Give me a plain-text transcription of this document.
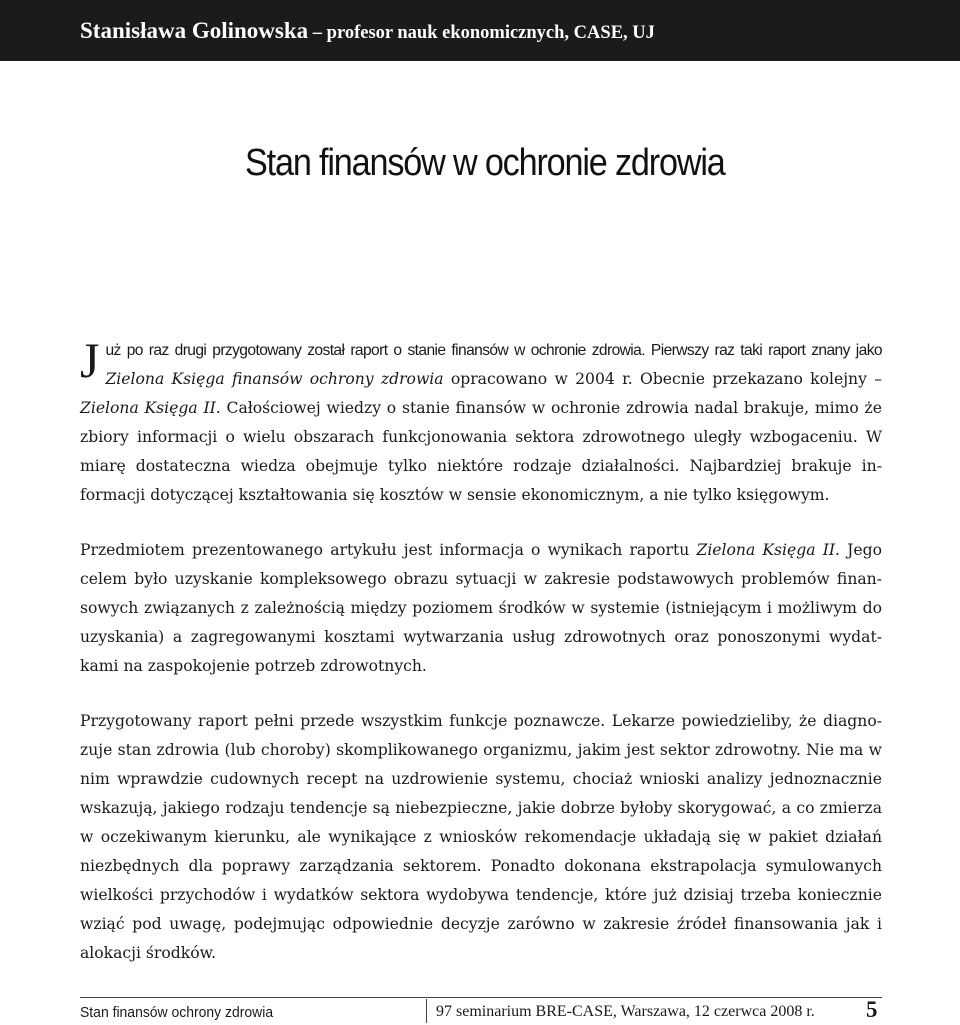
Stanisława Golinowska – profesor nauk ekonomicznych, CASE, UJ
Stan finansów w ochronie zdrowia

Już po raz drugi przygotowany został raport o stanie finansów w ochronie zdrowia. Pierwszy raz taki raport znany jako Zielona Księga finansów ochrony zdrowia opracowano w 2004 r. Obecnie przekazano kolejny – Zielona Księga II. Całościowej wiedzy o stanie finansów w ochronie zdrowia nadal brakuje, mimo że zbiory informacji o wielu obszarach funkcjonowania sektora zdrowotnego uległy wzbogaceniu. W miarę dostateczna wiedza obejmuje tylko niektóre rodzaje działalności. Najbardziej brakuje informacji dotyczącej kształtowania się kosztów w sensie ekonomicznym, a nie tylko księgowym.

Przedmiotem prezentowanego artykułu jest informacja o wynikach raportu Zielona Księga II. Jego celem było uzyskanie kompleksowego obrazu sytuacji w zakresie podstawowych problemów finansowych związanych z zależnością między poziomem środków w systemie (istniejącym i możliwym do uzyskania) a zagregowanymi kosztami wytwarzania usług zdrowotnych oraz ponoszonymi wydatkami na zaspokojenie potrzeb zdrowotnych.

Przygotowany raport pełni przede wszystkim funkcje poznawcze. Lekarze powiedzieliby, że diagnozuje stan zdrowia (lub choroby) skomplikowanego organizmu, jakim jest sektor zdrowotny. Nie ma w nim wprawdzie cudownych recept na uzdrowienie systemu, chociaż wnioski analizy jednoznacznie wskazują, jakiego rodzaju tendencje są niebezpieczne, jakie dobrze byłoby skorygować, a co zmierza w oczekiwanym kierunku, ale wynikające z wniosków rekomendacje układają się w pakiet działań niezbędnych dla poprawy zarządzania sektorem. Ponadto dokonana ekstrapolacja symulowanych wielkości przychodów i wydatków sektora wydobywa tendencje, które już dzisiaj trzeba koniecznie wziąć pod uwagę, podejmując odpowiednie decyzje zarówno w zakresie źródeł finansowania jak i alokacji środków.

Stan finansów ochrony zdrowia	97 seminarium BRE-CASE, Warszawa, 12 czerwca 2008 r. 5
